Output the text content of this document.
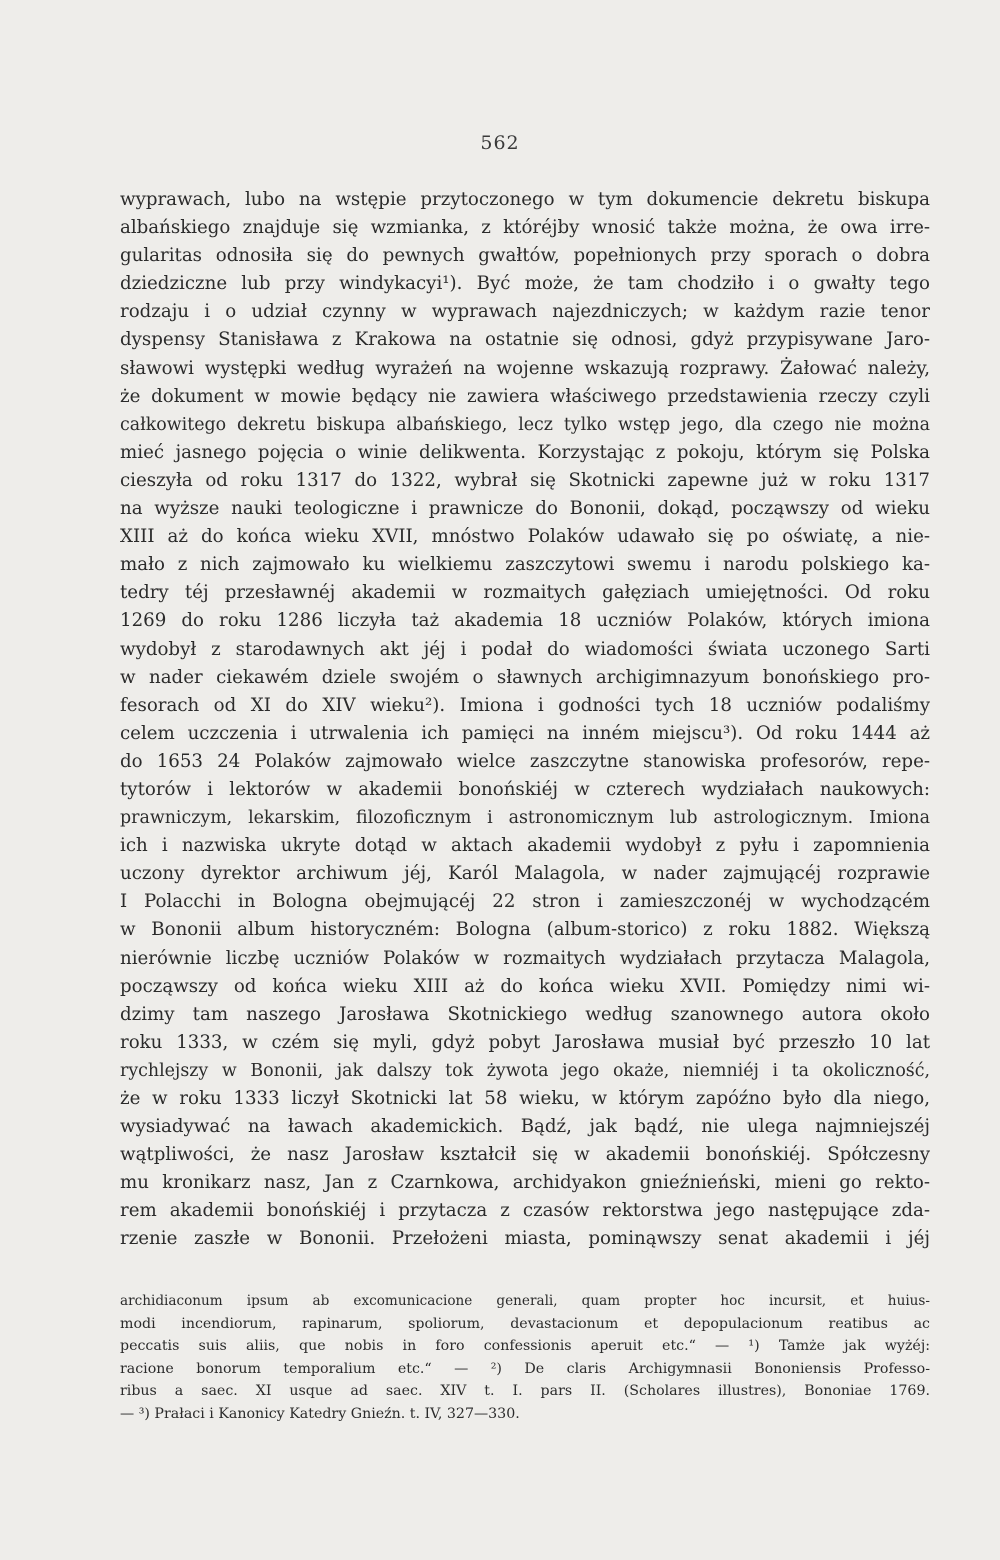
562
wyprawach, lubo na wstępie przytoczonego w tym dokumencie dekretu biskupa
albańskiego znajduje się wzmianka, z któréjby wnosić także można, że owa irre-
gularitas odnosiła się do pewnych gwałtów, popełnionych przy sporach o dobra
dziedziczne lub przy windykacyi¹). Być może, że tam chodziło i o gwałty tego
rodzaju i o udział czynny w wyprawach najezdniczych; w każdym razie tenor
dyspensy Stanisława z Krakowa na ostatnie się odnosi, gdyż przypisywane Jaro-
sławowi występki według wyrażeń na wojenne wskazują rozprawy. Żałować należy,
że dokument w mowie będący nie zawiera właściwego przedstawienia rzeczy czyli
całkowitego dekretu biskupa albańskiego, lecz tylko wstęp jego, dla czego nie można
mieć jasnego pojęcia o winie delikwenta. Korzystając z pokoju, którym się Polska
cieszyła od roku 1317 do 1322, wybrał się Skotnicki zapewne już w roku 1317
na wyższe nauki teologiczne i prawnicze do Bononii, dokąd, począwszy od wieku
XIII aż do końca wieku XVII, mnóstwo Polaków udawało się po oświatę, a nie-
mało z nich zajmowało ku wielkiemu zaszczytowi swemu i narodu polskiego ka-
tedry téj przesławnéj akademii w rozmaitych gałęziach umiejętności. Od roku
1269 do roku 1286 liczyła taż akademia 18 uczniów Polaków, których imiona
wydobył z starodawnych akt jéj i podał do wiadomości świata uczonego Sarti
w nader ciekawém dziele swojém o sławnych archigimnazyum bonońskiego pro-
fesorach od XI do XIV wieku²). Imiona i godności tych 18 uczniów podaliśmy
celem uczczenia i utrwalenia ich pamięci na inném miejscu³). Od roku 1444 aż
do 1653 24 Polaków zajmowało wielce zaszczytne stanowiska profesorów, repe-
tytorów i lektorów w akademii bonońskiéj w czterech wydziałach naukowych:
prawniczym, lekarskim, filozoficznym i astronomicznym lub astrologicznym. Imiona
ich i nazwiska ukryte dotąd w aktach akademii wydobył z pyłu i zapomnienia
uczony dyrektor archiwum jéj, Karól Malagola, w nader zajmującéj rozprawie
I Polacchi in Bologna obejmującéj 22 stron i zamieszczonéj w wychodzącém
w Bononii album historyczném: Bologna (album-storico) z roku 1882. Większą
nierównie liczbę uczniów Polaków w rozmaitych wydziałach przytacza Malagola,
począwszy od końca wieku XIII aż do końca wieku XVII. Pomiędzy nimi wi-
dzimy tam naszego Jarosława Skotnickiego według szanownego autora około
roku 1333, w czém się myli, gdyż pobyt Jarosława musiał być przeszło 10 lat
rychlejszy w Bononii, jak dalszy tok żywota jego okaże, niemniéj i ta okoliczność,
że w roku 1333 liczył Skotnicki lat 58 wieku, w którym zapóźno było dla niego,
wysiadywać na ławach akademickich. Bądź, jak bądź, nie ulega najmniejszéj
wątpliwości, że nasz Jarosław kształcił się w akademii bonońskiéj. Spółczesny
mu kronikarz nasz, Jan z Czarnkowa, archidyakon gnieźnieński, mieni go rekto-
rem akademii bonońskiéj i przytacza z czasów rektorstwa jego następujące zda-
rzenie zaszłe w Bononii. Przełożeni miasta, pominąwszy senat akademii i jéj
archidiaconum ipsum ab excomunicacione generali, quam propter hoc incursit, et huius-
modi incendiorum, rapinarum, spoliorum, devastacionum et depopulacionum reatibus ac
peccatis suis aliis, que nobis in foro confessionis aperuit etc.“ — ¹) Tamże jak wyżéj:
racione bonorum temporalium etc.“ — ²) De claris Archigymnasii Bononiensis Professo-
ribus a saec. XI usque ad saec. XIV t. I. pars II. (Scholares illustres), Bononiae 1769.
— ³) Prałaci i Kanonicy Katedry Gnieźn. t. IV, 327—330.
